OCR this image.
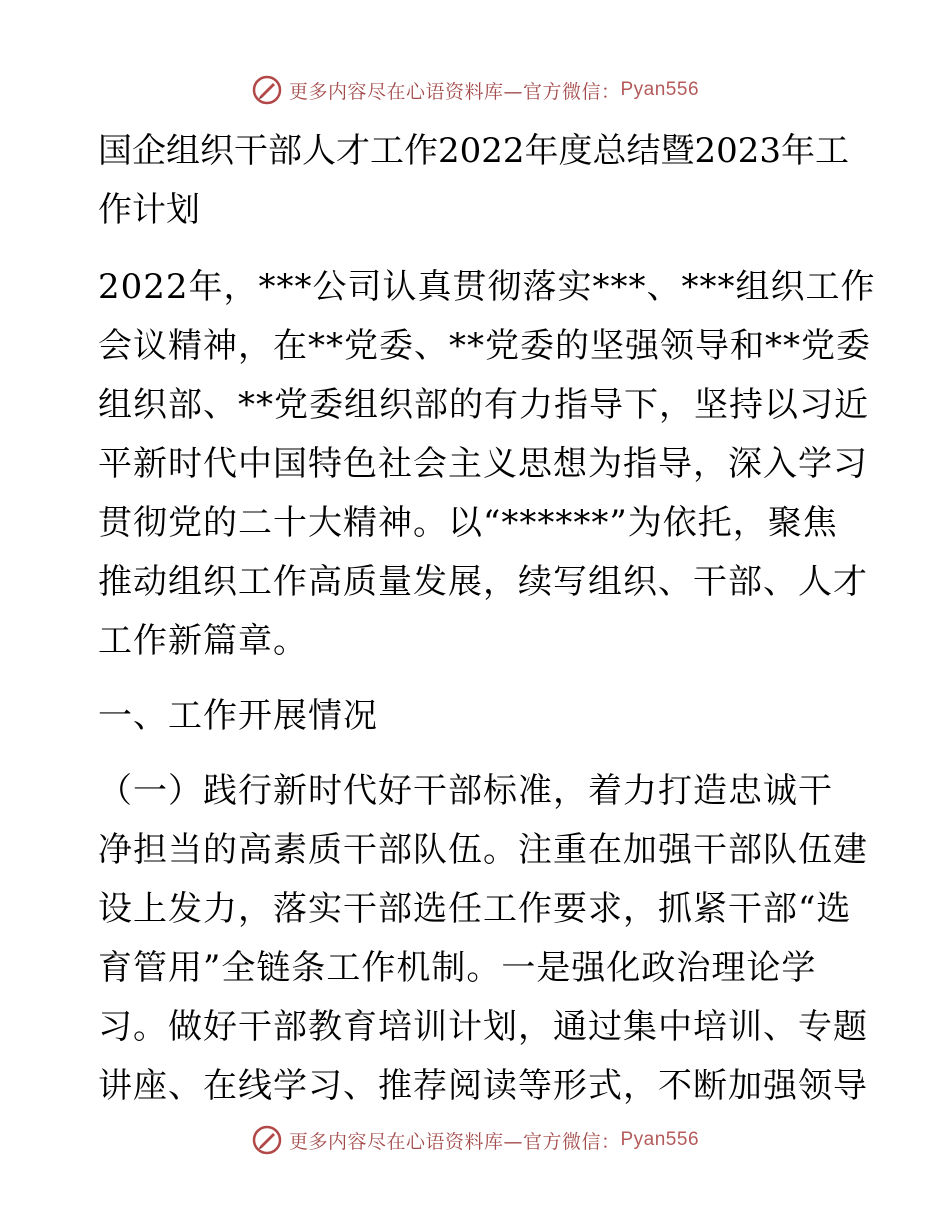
更多内容尽在心语资料库—官方微信： Pyan556
国企组织干部人才工作2022年度总结暨2023年工
作计划
2022年，***公司认真贯彻落实***、***组织工作
会议精神，在**党委、**党委的坚强领导和**党委
组织部、**党委组织部的有力指导下，坚持以习近
平新时代中国特色社会主义思想为指导，深入学习
贯彻党的二十大精神。以“******”为依托，聚焦
推动组织工作高质量发展，续写组织、干部、人才
工作新篇章。
一、工作开展情况
（一）践行新时代好干部标准，着力打造忠诚干
净担当的高素质干部队伍。注重在加强干部队伍建
设上发力，落实干部选任工作要求，抓紧干部“选
育管用”全链条工作机制。一是强化政治理论学
习。做好干部教育培训计划，通过集中培训、专题
讲座、在线学习、推荐阅读等形式，不断加强领导
更多内容尽在心语资料库—官方微信： Pyan556
